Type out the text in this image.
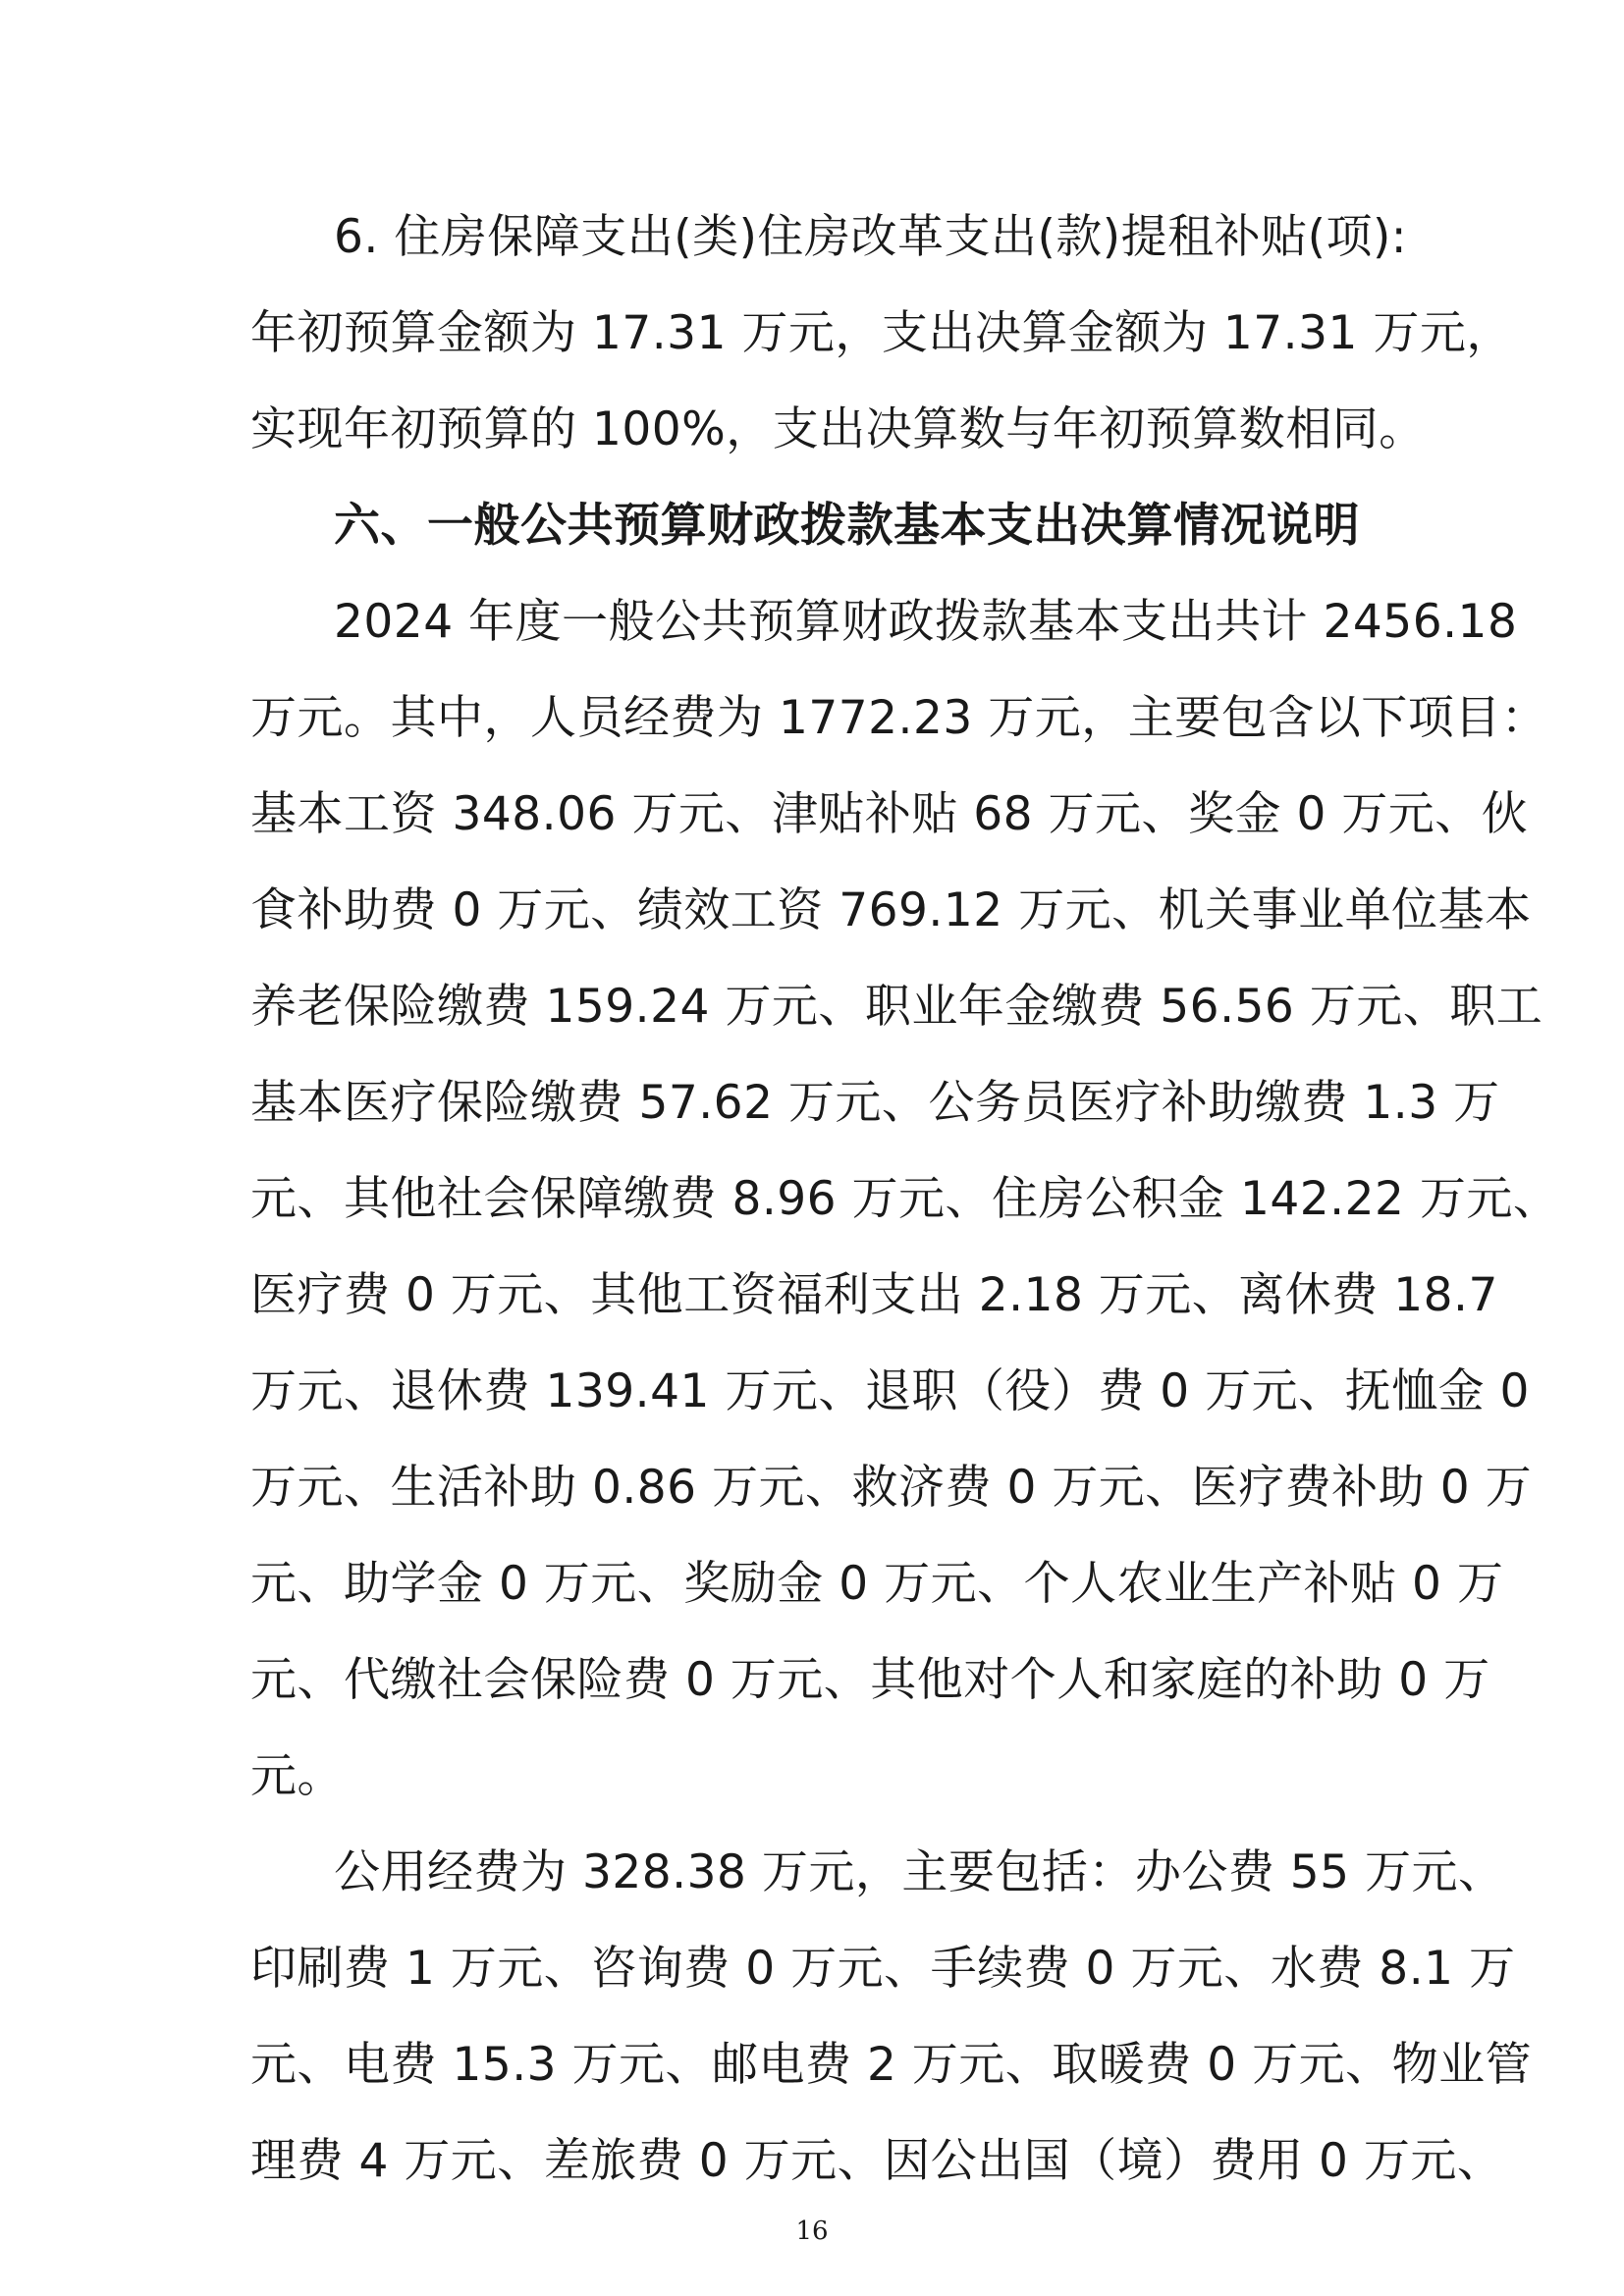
6. 住房保障支出(类)住房改革支出(款)提租补贴(项):
年初预算金额为 17.31 万元，支出决算金额为 17.31 万元，
实现年初预算的 100%，支出决算数与年初预算数相同。
六、一般公共预算财政拨款基本支出决算情况说明
2024 年度一般公共预算财政拨款基本支出共计 2456.18
万元。其中，人员经费为 1772.23 万元，主要包含以下项目：
基本工资 348.06 万元、津贴补贴 68 万元、奖金 0 万元、伙
食补助费 0 万元、绩效工资 769.12 万元、机关事业单位基本
养老保险缴费 159.24 万元、职业年金缴费 56.56 万元、职工
基本医疗保险缴费 57.62 万元、公务员医疗补助缴费 1.3 万
元、其他社会保障缴费 8.96 万元、住房公积金 142.22 万元、
医疗费 0 万元、其他工资福利支出 2.18 万元、离休费 18.7
万元、退休费 139.41 万元、退职（役）费 0 万元、抚恤金 0
万元、生活补助 0.86 万元、救济费 0 万元、医疗费补助 0 万
元、助学金 0 万元、奖励金 0 万元、个人农业生产补贴 0 万
元、代缴社会保险费 0 万元、其他对个人和家庭的补助 0 万
元。
公用经费为 328.38 万元，主要包括：办公费 55 万元、
印刷费 1 万元、咨询费 0 万元、手续费 0 万元、水费 8.1 万
元、电费 15.3 万元、邮电费 2 万元、取暖费 0 万元、物业管
理费 4 万元、差旅费 0 万元、因公出国（境）费用 0 万元、
16
